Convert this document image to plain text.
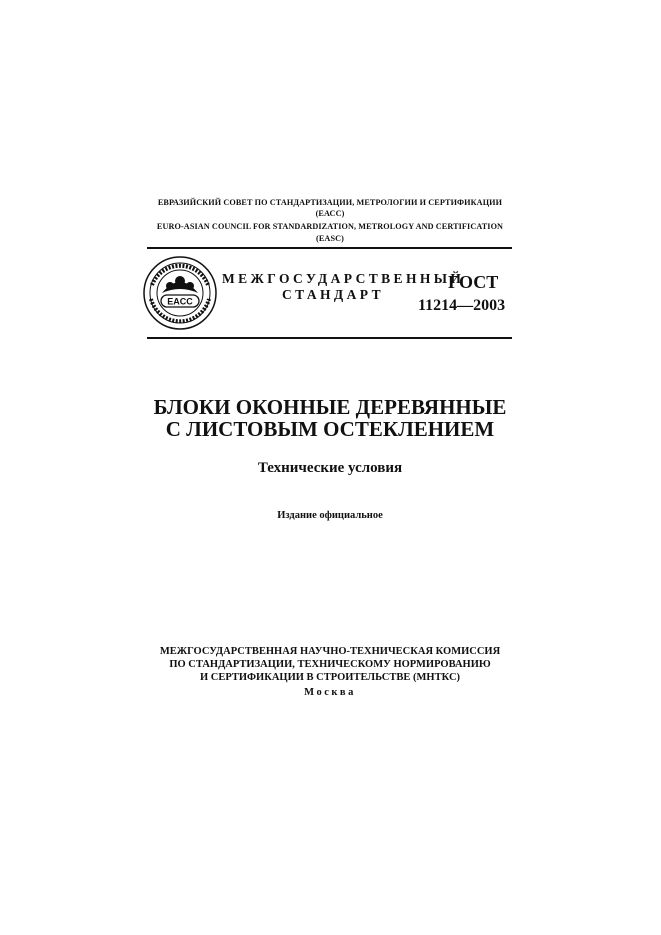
ЕВРАЗИЙСКИЙ СОВЕТ ПО СТАНДАРТИЗАЦИИ, МЕТРОЛОГИИ И СЕРТИФИКАЦИИ
(ЕАСС)
EURO-ASIAN COUNCIL FOR STANDARDIZATION, METROLOGY AND CERTIFICATION
(EASC)
EACC
МЕЖГОСУДАРСТВЕННЫЙ
СТАНДАРТ
ГОСТ
11214—2003
БЛОКИ ОКОННЫЕ ДЕРЕВЯННЫЕ
С ЛИСТОВЫМ ОСТЕКЛЕНИЕМ
Технические условия
Издание официальное
МЕЖГОСУДАРСТВЕННАЯ НАУЧНО-ТЕХНИЧЕСКАЯ КОМИССИЯ
ПО СТАНДАРТИЗАЦИИ, ТЕХНИЧЕСКОМУ НОРМИРОВАНИЮ
И СЕРТИФИКАЦИИ В СТРОИТЕЛЬСТВЕ (МНТКС)
Москва
